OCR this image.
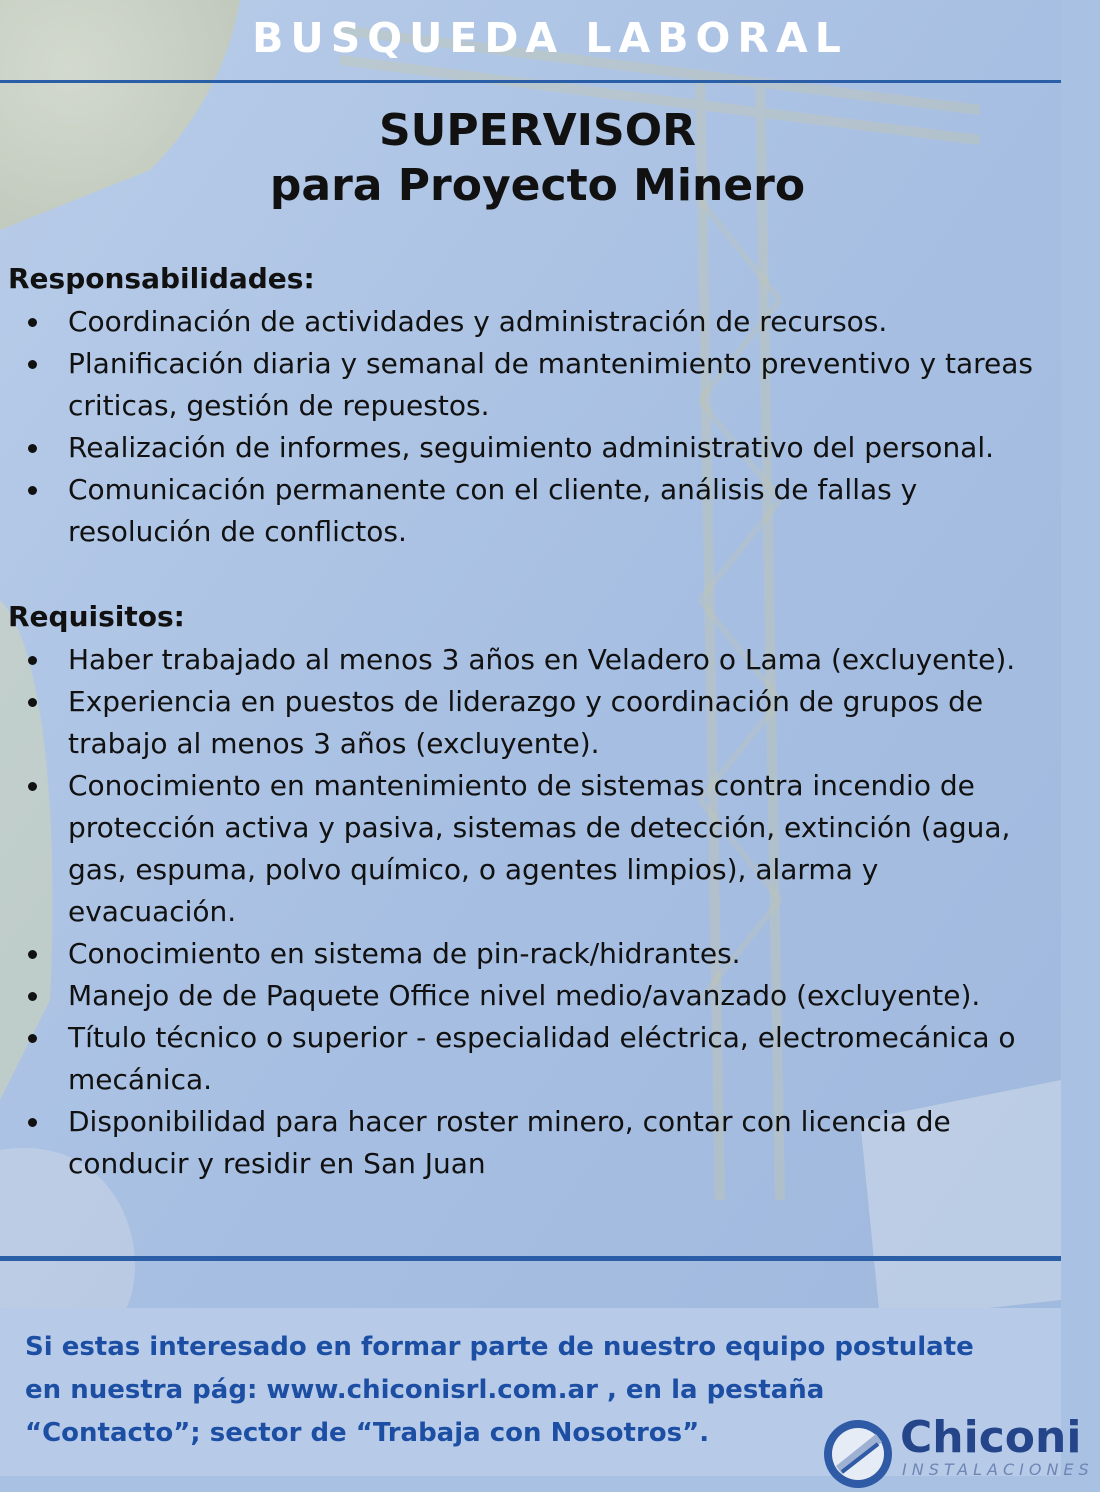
BUSQUEDA LABORAL
SUPERVISOR
para Proyecto Minero

Responsabilidades:

Coordinación de actividades y administración de recursos.
Planificación diaria y semanal de mantenimiento preventivo y tareas
criticas, gestión de repuestos.
Realización de informes, seguimiento administrativo del personal.
Comunicación permanente con el cliente, análisis de fallas y
resolución de conflictos.

Requisitos:

Haber trabajado al menos 3 años en Veladero o Lama (excluyente).
Experiencia en puestos de liderazgo y coordinación de grupos de
trabajo al menos 3 años (excluyente).
Conocimiento en mantenimiento de sistemas contra incendio de
protección activa y pasiva, sistemas de detección, extinción (agua,
gas, espuma, polvo químico, o agentes limpios), alarma y
evacuación.
Conocimiento en sistema de pin-rack/hidrantes.
Manejo de de Paquete Office nivel medio/avanzado (excluyente).
Título técnico o superior - especialidad eléctrica, electromecánica o
mecánica.
Disponibilidad para hacer roster minero, contar con licencia de
conducir y residir en San Juan
Si estas interesado en formar parte de nuestro equipo postulate
en nuestra pág: www.chiconisrl.com.ar , en la pestaña
“Contacto”; sector de “Trabaja con Nosotros”.	Chiconi
INSTALACIONES
